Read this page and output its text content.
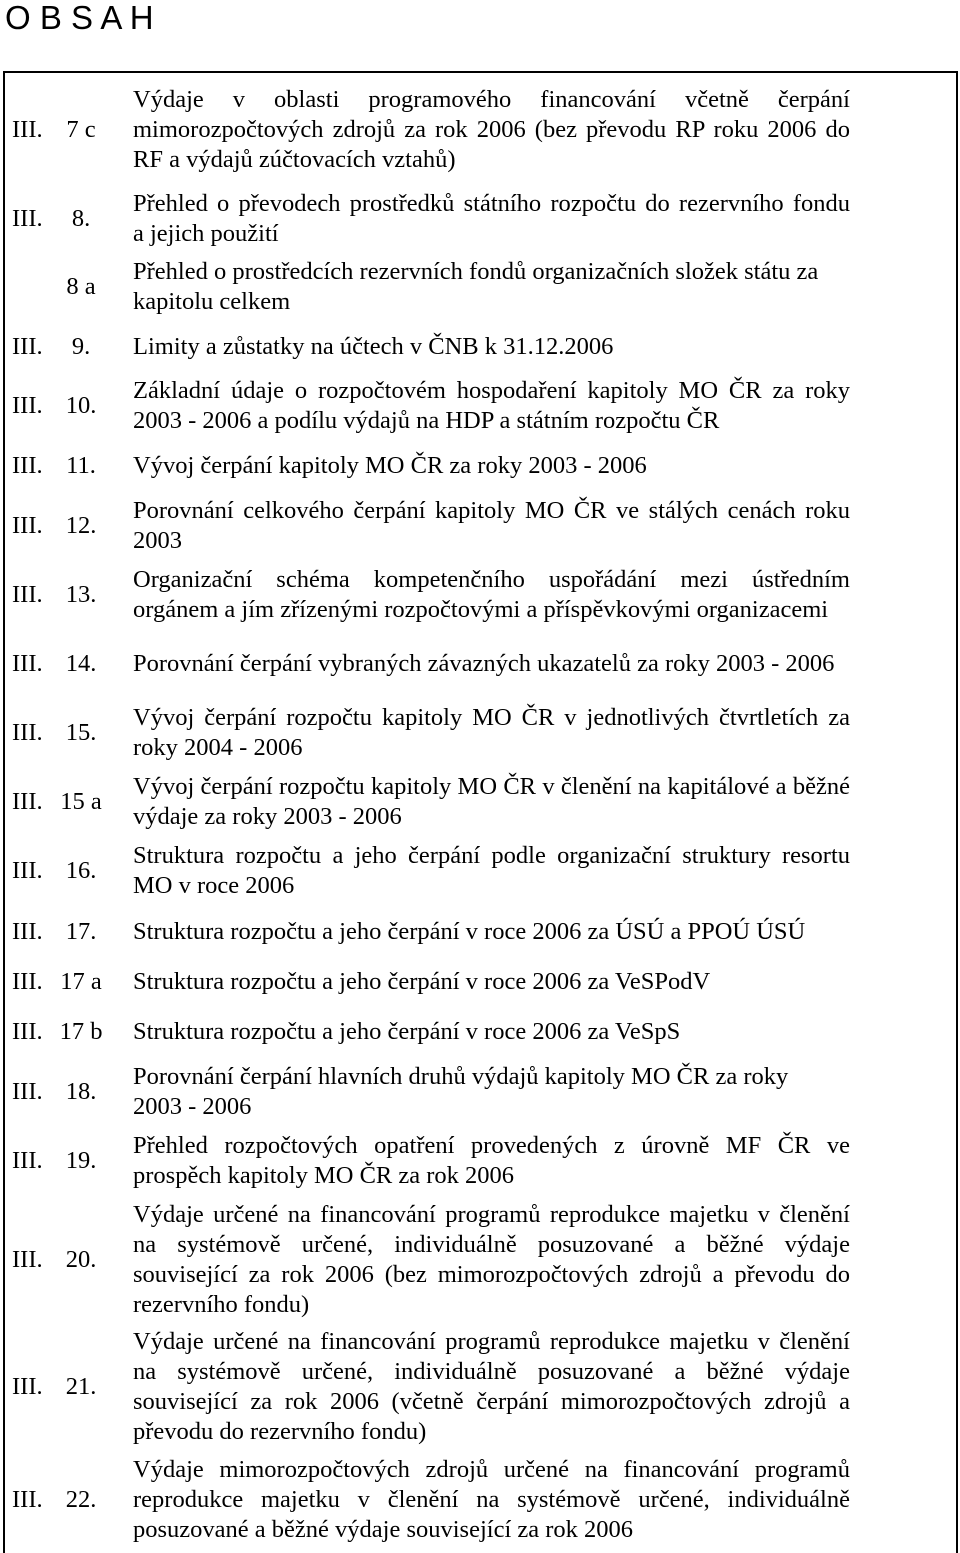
O B S A H
III. 7 c
Výdaje v oblasti programového financování včetně čerpání
mimorozpočtových zdrojů za rok 2006 (bez převodu RP roku 2006 do
RF a výdajů zúčtovacích vztahů)
III.	8.
Přehled o převodech prostředků státního rozpočtu do rezervního fondu
a jejich použití
8 a
Přehled o prostředcích rezervních fondů organizačních složek státu za
kapitolu celkem
III.	9.	Limity a zůstatky na účtech v ČNB k 31.12.2006
III. 10.
Základní údaje o rozpočtovém hospodaření kapitoly MO ČR za roky
2003 - 2006 a podílu výdajů na HDP a státním rozpočtu ČR
III. 11.	Vývoj čerpání kapitoly MO ČR za roky 2003 - 2006
III. 12.
Porovnání celkového čerpání kapitoly MO ČR ve stálých cenách roku
2003
III. 13.
Organizační schéma kompetenčního uspořádání mezi ústředním
orgánem a jím zřízenými rozpočtovými a příspěvkovými organizacemi
III. 14.	Porovnání čerpání vybraných závazných ukazatelů za roky 2003 - 2006
III. 15.
Vývoj čerpání rozpočtu kapitoly MO ČR v jednotlivých čtvrtletích za
roky 2004 - 2006
III. 15 a
Vývoj čerpání rozpočtu kapitoly MO ČR v členění na kapitálové a běžné
výdaje za roky 2003 - 2006
III. 16.
Struktura rozpočtu a jeho čerpání podle organizační struktury resortu
MO v roce 2006
III. 17.	Struktura rozpočtu a jeho čerpání v roce 2006 za ÚSÚ a PPOÚ ÚSÚ
III. 17 a Struktura rozpočtu a jeho čerpání v roce 2006 za VeSPodV
III. 17 b Struktura rozpočtu a jeho čerpání v roce 2006 za VeSpS
III. 18.
Porovnání čerpání hlavních druhů výdajů kapitoly MO ČR za roky
2003 - 2006
III. 19.
Přehled rozpočtových opatření provedených z úrovně MF ČR ve
prospěch kapitoly MO ČR za rok 2006
III. 20.
Výdaje určené na financování programů reprodukce majetku v členění
na systémově určené, individuálně posuzované a běžné výdaje
související za rok 2006 (bez mimorozpočtových zdrojů a převodu do
rezervního fondu)
III. 21.
Výdaje určené na financování programů reprodukce majetku v členění
na systémově určené, individuálně posuzované a běžné výdaje
související za rok 2006 (včetně čerpání mimorozpočtových zdrojů a
převodu do rezervního fondu)
III. 22.
Výdaje mimorozpočtových zdrojů určené na financování programů
reprodukce majetku v členění na systémově určené, individuálně
posuzované a běžné výdaje související za rok 2006
